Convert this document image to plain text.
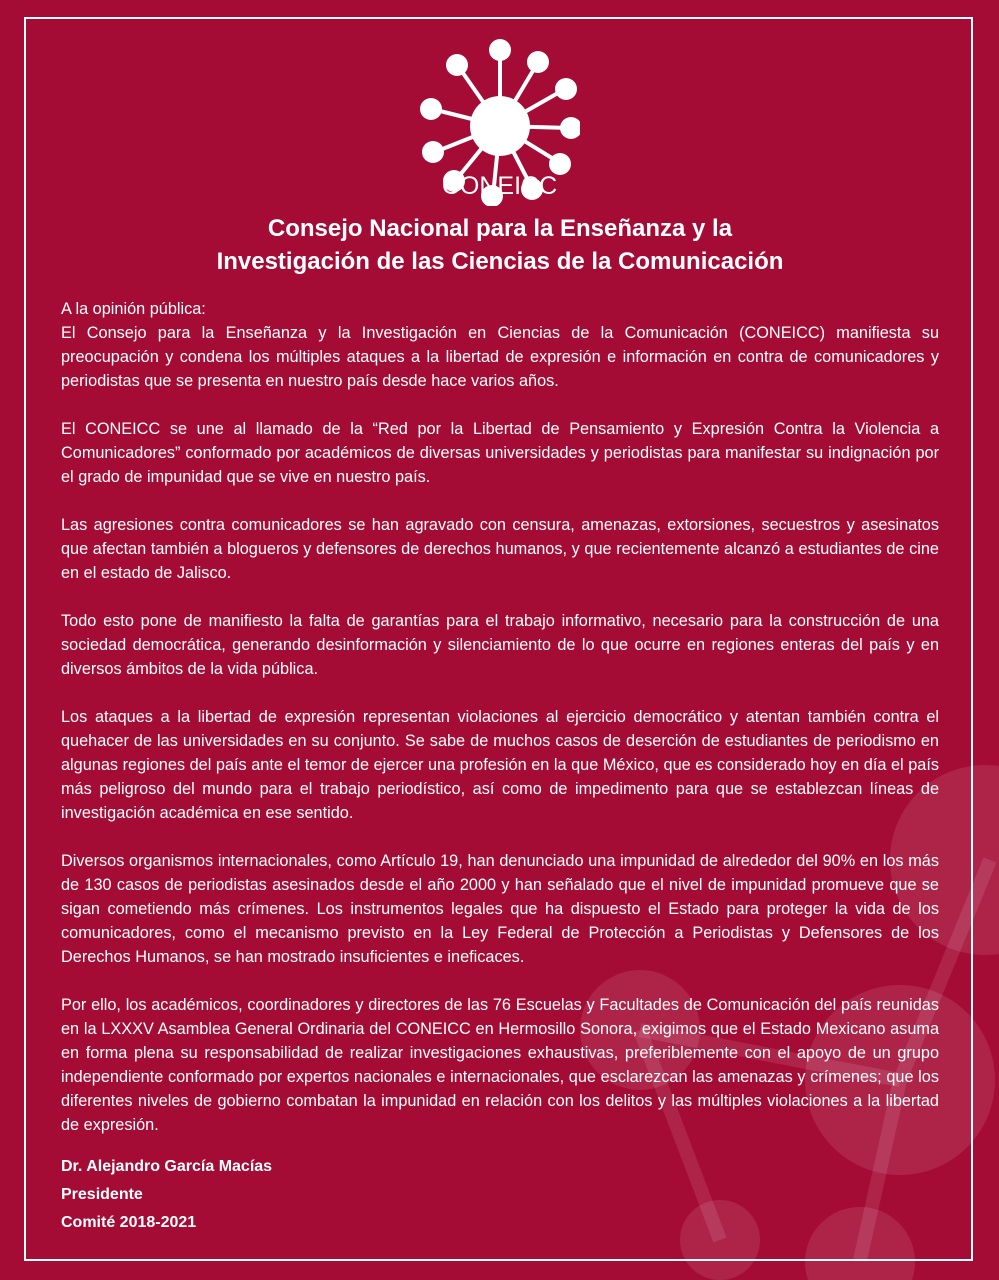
CONEICC

Consejo Nacional para la Enseñanza y la
Investigación de las Ciencias de la Comunicación

A la opinión pública:

El Consejo para la Enseñanza y la Investigación en Ciencias de la Comunicación (CONEICC) manifiesta su preocupación y condena los múltiples ataques a la libertad de expresión e información en contra de comunicadores y periodistas que se presenta en nuestro país desde hace varios años.

El CONEICC se une al llamado de la “Red por la Libertad de Pensamiento y Expresión Contra la Violencia a Comunicadores” conformado por académicos de diversas universidades y periodistas para manifestar su indignación por el grado de impunidad que se vive en nuestro país.

Las agresiones contra comunicadores se han agravado con censura, amenazas, extorsiones, secuestros y asesinatos que afectan también a blogueros y defensores de derechos humanos, y que recientemente alcanzó a estudiantes de cine en el estado de Jalisco.

Todo esto pone de manifiesto la falta de garantías para el trabajo informativo, necesario para la construcción de una sociedad democrática, generando desinformación y silenciamiento de lo que ocurre en regiones enteras del país y en diversos ámbitos de la vida pública.

Los ataques a la libertad de expresión representan violaciones al ejercicio democrático y atentan también contra el quehacer de las universidades en su conjunto. Se sabe de muchos casos de deserción de estudiantes de periodismo en algunas regiones del país ante el temor de ejercer una profesión en la que México, que es considerado hoy en día el país más peligroso del mundo para el trabajo periodístico, así como de impedimento para que se establezcan líneas de investigación académica en ese sentido.

Diversos organismos internacionales, como Artículo 19, han denunciado una impunidad de alrededor del 90% en los más de 130 casos de periodistas asesinados desde el año 2000 y han señalado que el nivel de impunidad promueve que se sigan cometiendo más crímenes. Los instrumentos legales que ha dispuesto el Estado para proteger la vida de los comunicadores, como el mecanismo previsto en la Ley Federal de Protección a Periodistas y Defensores de los Derechos Humanos, se han mostrado insuficientes e ineficaces.

Por ello, los académicos, coordinadores y directores de las 76 Escuelas y Facultades de Comunicación del país reunidas en la LXXXV Asamblea General Ordinaria del CONEICC en Hermosillo Sonora, exigimos que el Estado Mexicano asuma en forma plena su responsabilidad de realizar investigaciones exhaustivas, preferiblemente con el apoyo de un grupo independiente conformado por expertos nacionales e internacionales, que esclarezcan las amenazas y crímenes; que los diferentes niveles de gobierno combatan la impunidad en relación con los delitos y las múltiples violaciones a la libertad de expresión.

Dr. Alejandro García Macías
Presidente
Comité 2018-2021
